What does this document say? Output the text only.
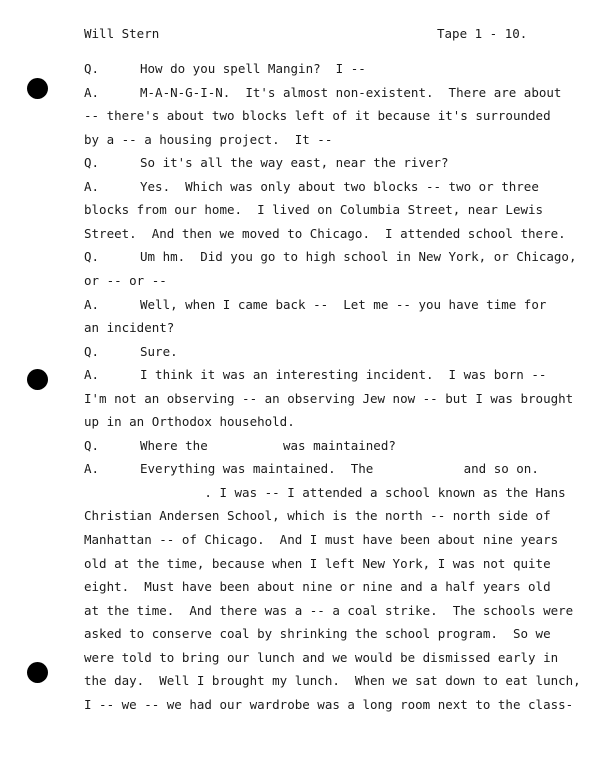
Will Stern	Tape 1 - 10.
Q.	How do you spell Mangin?  I --
A.	M-A-N-G-I-N.  It's almost non-existent.  There are about
-- there's about two blocks left of it because it's surrounded
by a -- a housing project.  It --
Q.	So it's all the way east, near the river?
A.	Yes.  Which was only about two blocks -- two or three
blocks from our home.  I lived on Columbia Street, near Lewis
Street.  And then we moved to Chicago.  I attended school there.
Q.	Um hm.  Did you go to high school in New York, or Chicago,
or -- or --
A.	Well, when I came back --  Let me -- you have time for
an incident?
Q.	Sure.
A.	I think it was an interesting incident.  I was born --
I'm not an observing -- an observing Jew now -- but I was brought
up in an Orthodox household.
Q.	Where the          was maintained?
A.	Everything was maintained.  The            and so on.
. I was -- I attended a school known as the Hans
Christian Andersen School, which is the north -- north side of
Manhattan -- of Chicago.  And I must have been about nine years
old at the time, because when I left New York, I was not quite
eight.  Must have been about nine or nine and a half years old
at the time.  And there was a -- a coal strike.  The schools were
asked to conserve coal by shrinking the school program.  So we
were told to bring our lunch and we would be dismissed early in
the day.  Well I brought my lunch.  When we sat down to eat lunch,
I -- we -- we had our wardrobe was a long room next to the class-
